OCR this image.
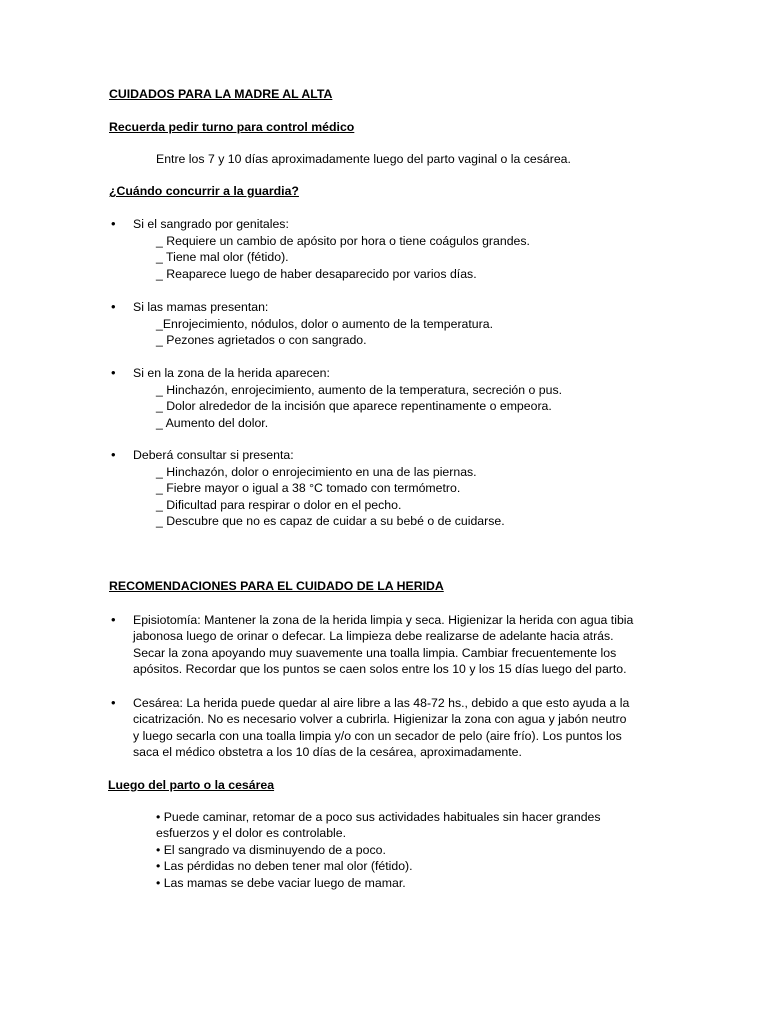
CUIDADOS PARA LA MADRE AL ALTA
Recuerda pedir turno para control médico
Entre los 7 y 10 días aproximadamente luego del parto vaginal o la cesárea.
¿Cuándo concurrir a la guardia?
•
Si el sangrado por genitales:
_ Requiere un cambio de apósito por hora o tiene coágulos grandes.
_ Tiene mal olor (fétido).
_ Reaparece luego de haber desaparecido por varios días.
•
Si las mamas presentan:
_Enrojecimiento, nódulos, dolor o aumento de la temperatura.
_ Pezones agrietados o con sangrado.
•
Si en la zona de la herida aparecen:
_ Hinchazón, enrojecimiento, aumento de la temperatura, secreción o pus.
_ Dolor alrededor de la incisión que aparece repentinamente o empeora.
_ Aumento del dolor.
•
Deberá consultar si presenta:
_ Hinchazón, dolor o enrojecimiento en una de las piernas.
_ Fiebre mayor o igual a 38 °C tomado con termómetro.
_ Dificultad para respirar o dolor en el pecho.
_ Descubre que no es capaz de cuidar a su bebé o de cuidarse.
RECOMENDACIONES PARA EL CUIDADO DE LA HERIDA
•
Episiotomía: Mantener la zona de la herida limpia y seca. Higienizar la herida con agua tibia
jabonosa luego de orinar o defecar. La limpieza debe realizarse de adelante hacia atrás.
Secar la zona apoyando muy suavemente una toalla limpia. Cambiar frecuentemente los
apósitos. Recordar que los puntos se caen solos entre los 10 y los 15 días luego del parto.
•
Cesárea: La herida puede quedar al aire libre a las 48-72 hs., debido a que esto ayuda a la
cicatrización. No es necesario volver a cubrirla. Higienizar la zona con agua y jabón neutro
y luego secarla con una toalla limpia y/o con un secador de pelo (aire frío). Los puntos los
saca el médico obstetra a los 10 días de la cesárea, aproximadamente.
Luego del parto o la cesárea
• Puede caminar, retomar de a poco sus actividades habituales sin hacer grandes
esfuerzos y el dolor es controlable.
• El sangrado va disminuyendo de a poco.
• Las pérdidas no deben tener mal olor (fétido).
• Las mamas se debe vaciar luego de mamar.
